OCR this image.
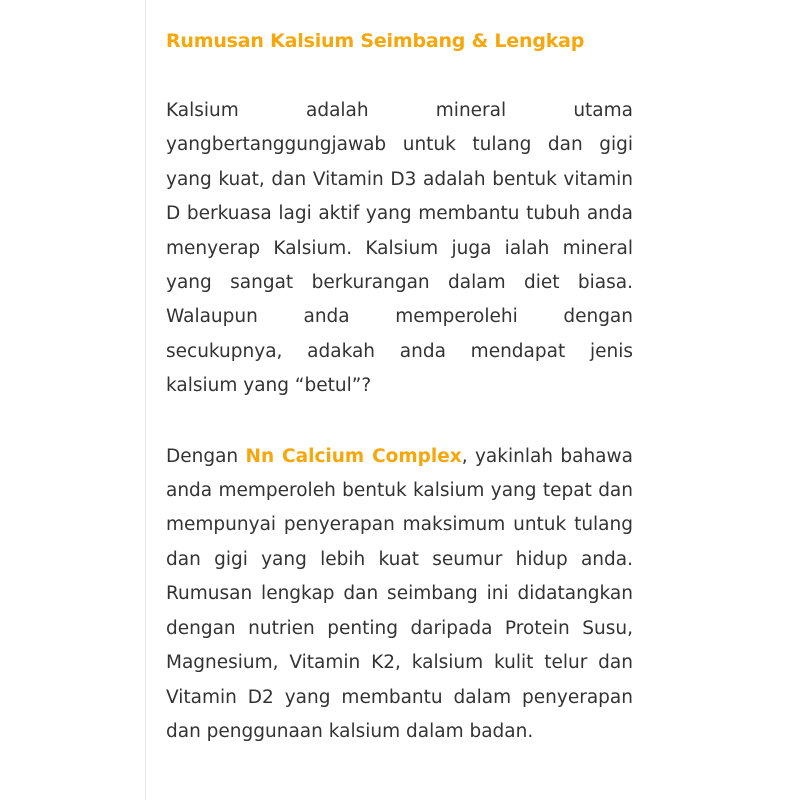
Rumusan Kalsium Seimbang & Lengkap

Kalsium adalah mineral utama yangbertanggungjawab untuk tulang dan gigi yang kuat, dan Vitamin D3 adalah bentuk vitamin D berkuasa lagi aktif yang membantu tubuh anda menyerap Kalsium. Kalsium juga ialah mineral yang sangat berkurangan dalam diet biasa. Walaupun anda memperolehi dengan secukupnya, adakah anda mendapat jenis kalsium yang “betul”?

Dengan Nn Calcium Complex, yakinlah bahawa anda memperoleh bentuk kalsium yang tepat dan mempunyai penyerapan maksimum untuk tulang dan gigi yang lebih kuat seumur hidup anda. Rumusan lengkap dan seimbang ini didatangkan dengan nutrien penting daripada Protein Susu, Magnesium, Vitamin K2, kalsium kulit telur dan Vitamin D2 yang membantu dalam penyerapan dan penggunaan kalsium dalam badan.
